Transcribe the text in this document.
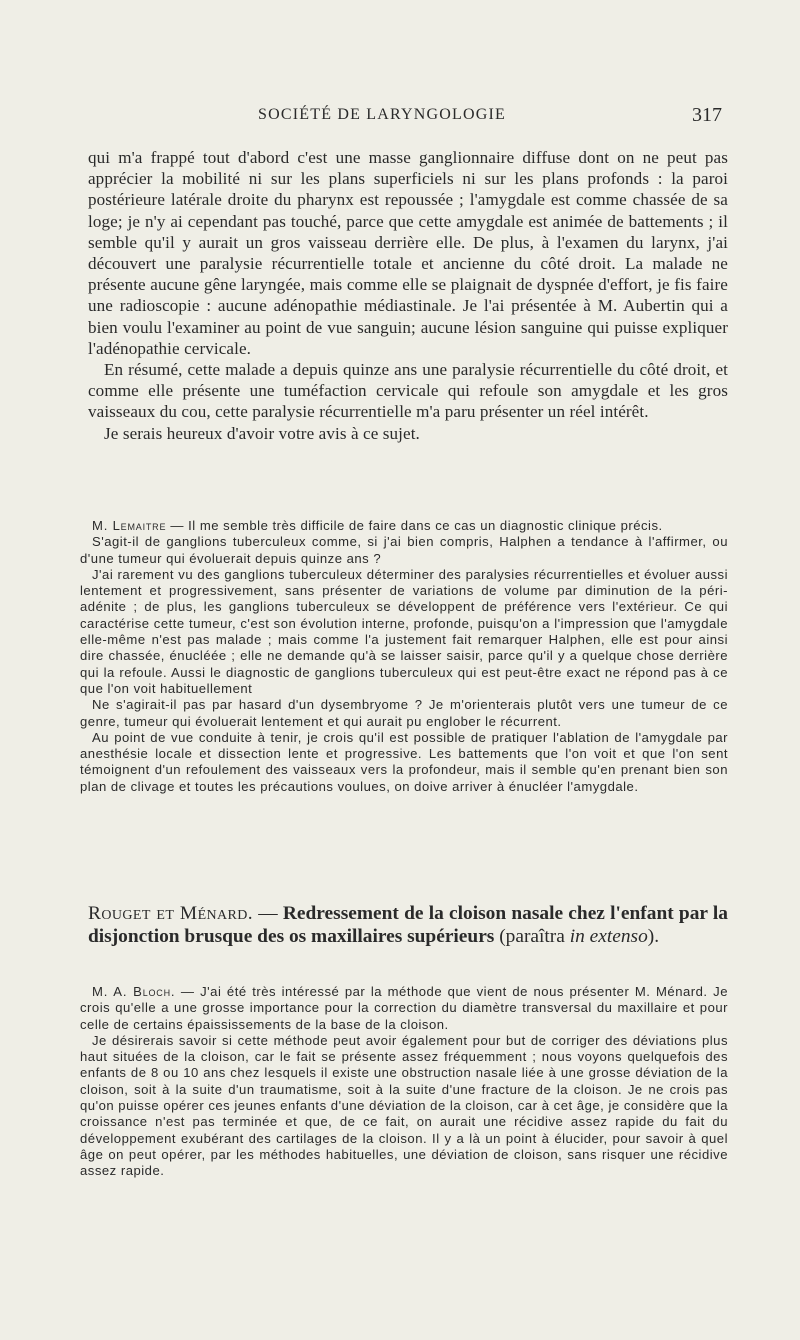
SOCIÉTÉ DE LARYNGOLOGIE	317

qui m'a frappé tout d'abord c'est une masse ganglionnaire diffuse dont on ne peut pas apprécier la mobilité ni sur les plans superficiels ni sur les plans profonds : la paroi postérieure latérale droite du pharynx est repoussée ; l'amygdale est comme chassée de sa loge; je n'y ai cependant pas touché, parce que cette amygdale est animée de battements ; il semble qu'il y aurait un gros vaisseau derrière elle. De plus, à l'examen du larynx, j'ai découvert une paralysie récurrentielle totale et ancienne du côté droit. La malade ne présente aucune gêne laryngée, mais comme elle se plaignait de dyspnée d'effort, je fis faire une radioscopie : aucune adénopathie médiastinale. Je l'ai présentée à M. Aubertin qui a bien voulu l'examiner au point de vue sanguin; aucune lésion sanguine qui puisse expliquer l'adénopathie cervicale.

En résumé, cette malade a depuis quinze ans une paralysie récurrentielle du côté droit, et comme elle présente une tuméfaction cervicale qui refoule son amygdale et les gros vaisseaux du cou, cette paralysie récurrentielle m'a paru présenter un réel intérêt.

Je serais heureux d'avoir votre avis à ce sujet.

M. Lemaitre — Il me semble très difficile de faire dans ce cas un diagnostic clinique précis.

S'agit-il de ganglions tuberculeux comme, si j'ai bien compris, Halphen a tendance à l'affirmer, ou d'une tumeur qui évoluerait depuis quinze ans ?

J'ai rarement vu des ganglions tuberculeux déterminer des paralysies récurrentielles et évoluer aussi lentement et progressivement, sans présenter de variations de volume par diminution de la péri-adénite ; de plus, les ganglions tuberculeux se développent de préférence vers l'extérieur. Ce qui caractérise cette tumeur, c'est son évolution interne, profonde, puisqu'on a l'impression que l'amygdale elle-même n'est pas malade ; mais comme l'a justement fait remarquer Halphen, elle est pour ainsi dire chassée, énucléée ; elle ne demande qu'à se laisser saisir, parce qu'il y a quelque chose derrière qui la refoule. Aussi le diagnostic de ganglions tuberculeux qui est peut-être exact ne répond pas à ce que l'on voit habituellement

Ne s'agirait-il pas par hasard d'un dysembryome ? Je m'orienterais plutôt vers une tumeur de ce genre, tumeur qui évoluerait lentement et qui aurait pu englober le récurrent.

Au point de vue conduite à tenir, je crois qu'il est possible de pratiquer l'ablation de l'amygdale par anesthésie locale et dissection lente et progressive. Les battements que l'on voit et que l'on sent témoignent d'un refoulement des vaisseaux vers la profondeur, mais il semble qu'en prenant bien son plan de clivage et toutes les précautions voulues, on doive arriver à énucléer l'amygdale.

Rouget et Ménard. — Redressement de la cloison nasale chez l'enfant par la disjonction brusque des os maxillaires supérieurs (paraîtra in extenso).

M. A. Bloch. — J'ai été très intéressé par la méthode que vient de nous présenter M. Ménard. Je crois qu'elle a une grosse importance pour la correction du diamètre transversal du maxillaire et pour celle de certains épaississements de la base de la cloison.

Je désirerais savoir si cette méthode peut avoir également pour but de corriger des déviations plus haut situées de la cloison, car le fait se présente assez fréquemment ; nous voyons quelquefois des enfants de 8 ou 10 ans chez lesquels il existe une obstruction nasale liée à une grosse déviation de la cloison, soit à la suite d'un traumatisme, soit à la suite d'une fracture de la cloison. Je ne crois pas qu'on puisse opérer ces jeunes enfants d'une déviation de la cloison, car à cet âge, je considère que la croissance n'est pas terminée et que, de ce fait, on aurait une récidive assez rapide du fait du développement exubérant des cartilages de la cloison. Il y a là un point à élucider, pour savoir à quel âge on peut opérer, par les méthodes habituelles, une déviation de cloison, sans risquer une récidive assez rapide.
